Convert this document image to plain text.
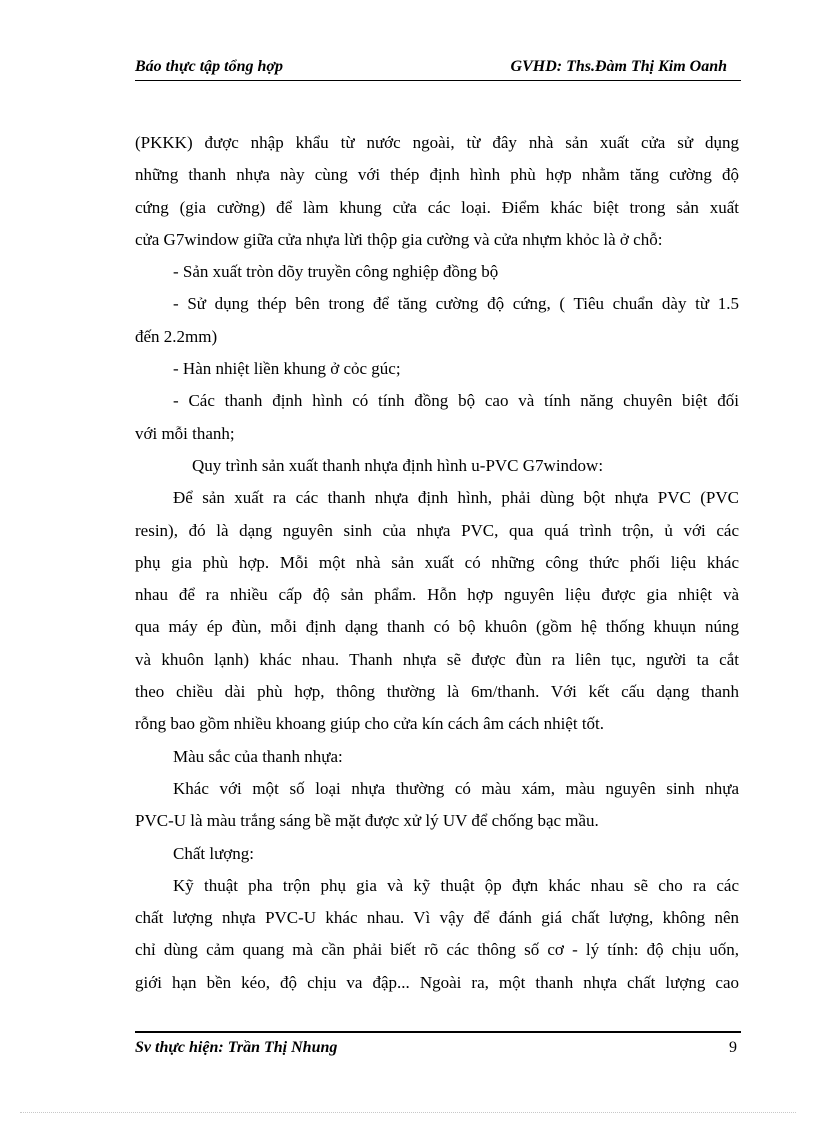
Báo thực tập tổng hợp	GVHD: Ths.Đàm Thị Kim Oanh

(PKKK) được nhập khẩu từ nước ngoài, từ đây nhà sản xuất cửa sử dụng

những thanh nhựa này cùng với thép định hình phù hợp nhằm tăng cường độ

cứng (gia cường) để làm khung cửa các loại. Điểm khác biệt trong sản xuất

cửa G7window giữa cửa nhựa lừi thộp gia cường và cửa nhựm khỏc là ở chỗ:

- Sản xuất tròn dõy truyền công nghiệp đồng bộ

- Sử dụng thép bên trong để tăng cường độ cứng, ( Tiêu chuẩn dày từ 1.5

đến 2.2mm)

- Hàn nhiệt liền khung ở cỏc gúc;

- Các thanh định hình có tính đồng bộ cao và tính năng chuyên biệt đối

với mỗi thanh;

Quy trình sản xuất thanh nhựa định hình u-PVC G7window:

Để sản xuất ra các thanh nhựa định hình, phải dùng bột nhựa PVC (PVC

resin), đó là dạng nguyên sinh của nhựa PVC, qua quá trình trộn, ủ với các

phụ gia phù hợp. Mỗi một nhà sản xuất có những công thức phối liệu khác

nhau để ra nhiều cấp độ sản phẩm. Hỗn hợp nguyên liệu được gia nhiệt và

qua máy ép đùn, mỗi định dạng thanh có bộ khuôn (gồm hệ thống khuụn núng

và khuôn lạnh) khác nhau. Thanh nhựa sẽ được đùn ra liên tục, người ta cắt

theo chiều dài phù hợp, thông thường là 6m/thanh. Với kết cấu dạng thanh

rỗng bao gồm nhiều khoang giúp cho cửa kín cách âm cách nhiệt tốt.

Màu sắc của thanh nhựa:

Khác với một số loại nhựa thường có màu xám, màu nguyên sinh nhựa

PVC-U là màu trắng sáng bề mặt được xử lý UV để chống bạc mầu.

Chất lượng:

Kỹ thuật pha trộn phụ gia và kỹ thuật ộp đựn khác nhau sẽ cho ra các

chất lượng nhựa PVC-U khác nhau. Vì vậy để đánh giá chất lượng, không nên

chỉ dùng cảm quang mà cần phải biết rõ các thông số cơ - lý tính: độ chịu uốn,

giới hạn bền kéo, độ chịu va đập... Ngoài ra, một thanh nhựa chất lượng cao

Sv thực hiện: Trần Thị Nhung	9
